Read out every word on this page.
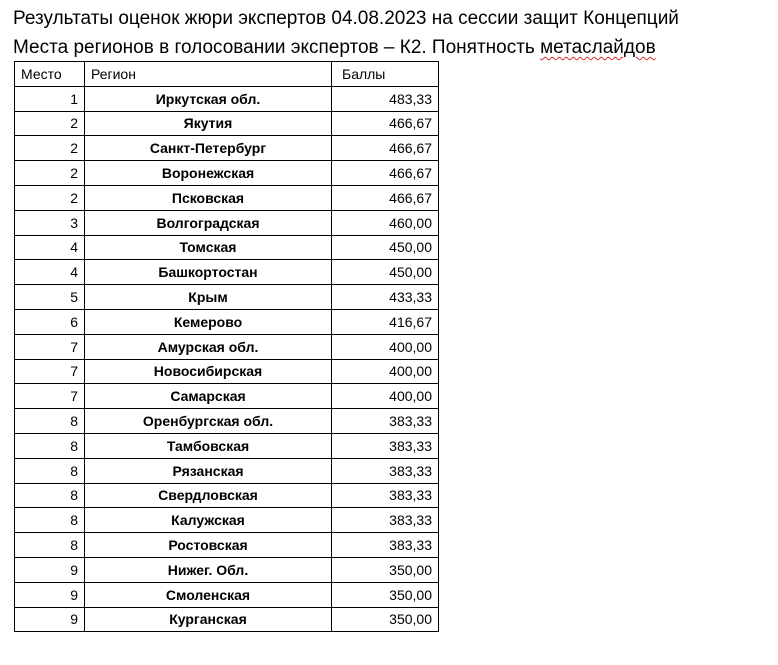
Результаты оценок жюри экспертов 04.08.2023 на сессии защит Концепций
Места регионов в голосовании экспертов – К2. Понятность метаслайдов
Место	Регион	Баллы
1	Иркутская обл.	483,33
2	Якутия	466,67
2	Санкт-Петербург	466,67
2	Воронежская	466,67
2	Псковская	466,67
3	Волгоградская	460,00
4	Томская	450,00
4	Башкортостан	450,00
5	Крым	433,33
6	Кемерово	416,67
7	Амурская обл.	400,00
7	Новосибирская	400,00
7	Самарская	400,00
8	Оренбургская обл.	383,33
8	Тамбовская	383,33
8	Рязанская	383,33
8	Свердловская	383,33
8	Калужская	383,33
8	Ростовская	383,33
9	Нижег. Обл.	350,00
9	Смоленская	350,00
9	Курганская	350,00
